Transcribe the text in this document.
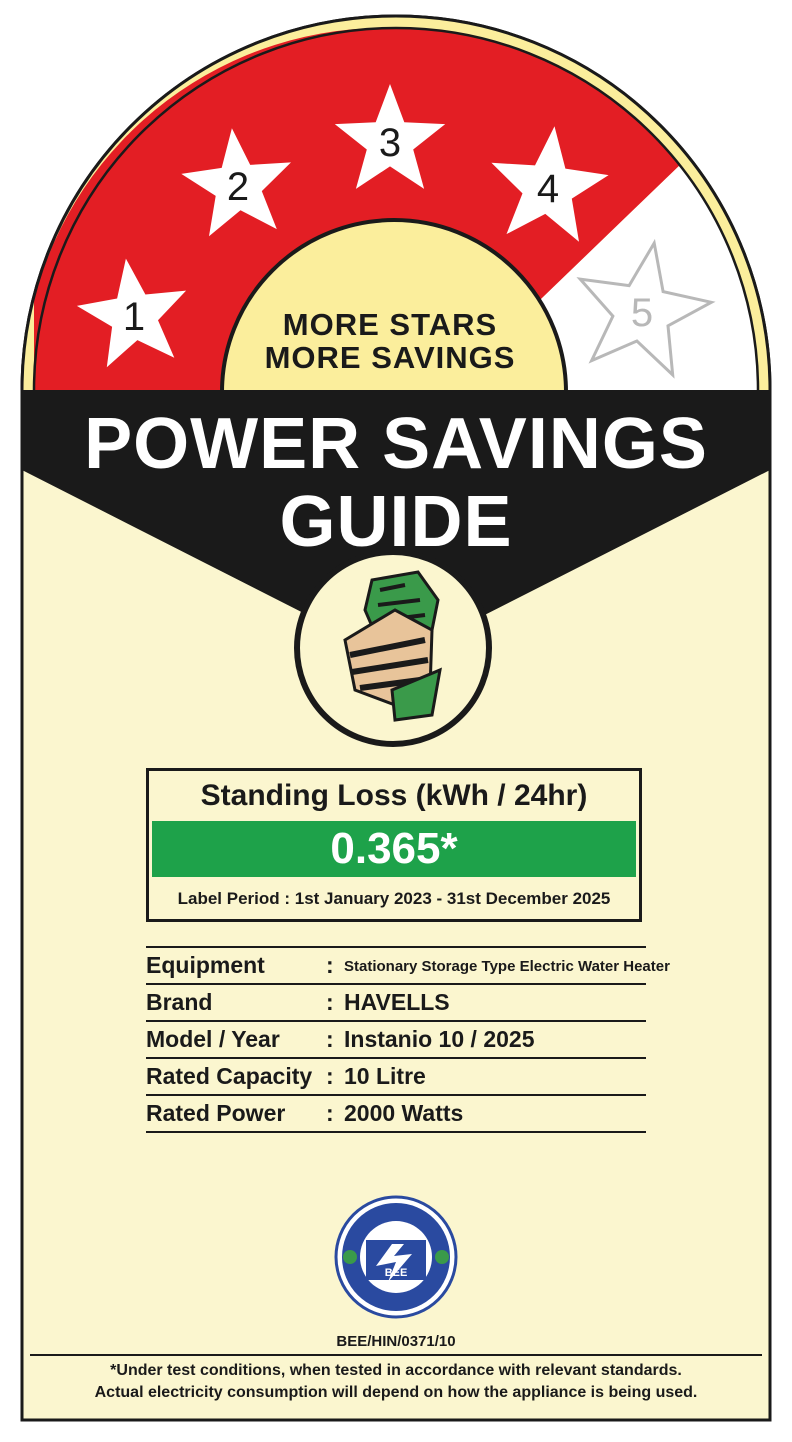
1
2
3
4
5
BEE
MORE STARS
MORE SAVINGS
POWER SAVINGS
GUIDE
Standing Loss (kWh / 24hr)
0.365*
Label Period : 1st January 2023 - 31st December 2025
Equipment	: Stationary Storage Type Electric Water Heater
Brand	: HAVELLS
Model / Year : Instanio 10 / 2025
Rated Capacity : 10 Litre
Rated Power : 2000 Watts
BEE/HIN/0371/10
*Under test conditions, when tested in accordance with relevant standards.
Actual electricity consumption will depend on how the appliance is being used.
